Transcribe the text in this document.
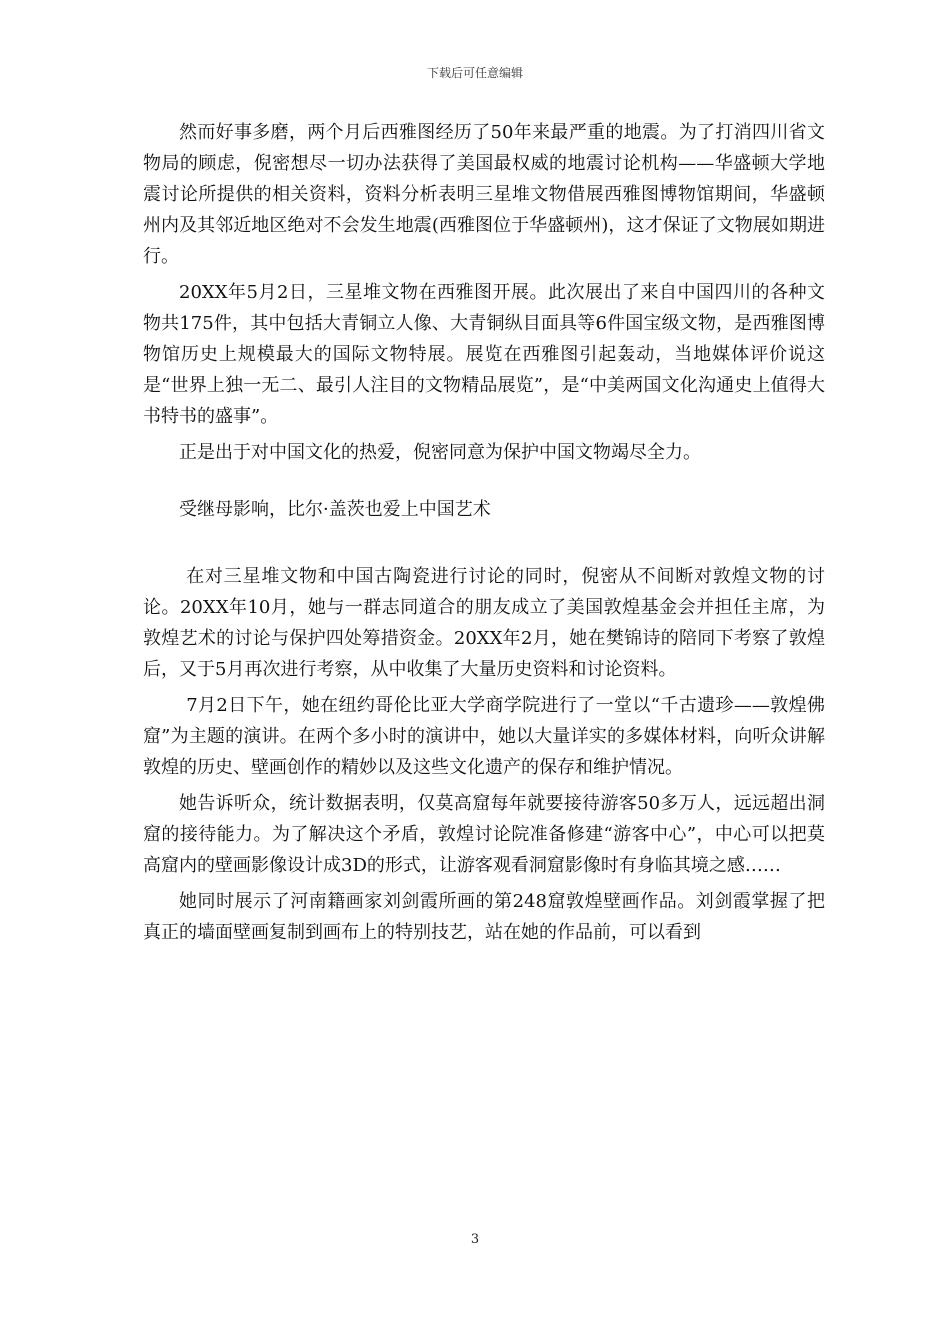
下载后可任意编辑

然而好事多磨，两个月后西雅图经历了50年来最严重的地震。为了打消四川省文物局的顾虑，倪密想尽一切办法获得了美国最权威的地震讨论机构——华盛顿大学地震讨论所提供的相关资料，资料分析表明三星堆文物借展西雅图博物馆期间，华盛顿州内及其邻近地区绝对不会发生地震(西雅图位于华盛顿州)，这才保证了文物展如期进行。

20XX年5月2日，三星堆文物在西雅图开展。此次展出了来自中国四川的各种文物共175件，其中包括大青铜立人像、大青铜纵目面具等6件国宝级文物，是西雅图博物馆历史上规模最大的国际文物特展。展览在西雅图引起轰动，当地媒体评价说这是“世界上独一无二、最引人注目的文物精品展览”，是“中美两国文化沟通史上值得大书特书的盛事”。

正是出于对中国文化的热爱，倪密同意为保护中国文物竭尽全力。

受继母影响，比尔·盖茨也爱上中国艺术

在对三星堆文物和中国古陶瓷进行讨论的同时，倪密从不间断对敦煌文物的讨论。20XX年10月，她与一群志同道合的朋友成立了美国敦煌基金会并担任主席，为敦煌艺术的讨论与保护四处筹措资金。20XX年2月，她在樊锦诗的陪同下考察了敦煌后，又于5月再次进行考察，从中收集了大量历史资料和讨论资料。

7月2日下午，她在纽约哥伦比亚大学商学院进行了一堂以“千古遗珍——敦煌佛窟”为主题的演讲。在两个多小时的演讲中，她以大量详实的多媒体材料，向听众讲解敦煌的历史、壁画创作的精妙以及这些文化遗产的保存和维护情况。

她告诉听众，统计数据表明，仅莫高窟每年就要接待游客50多万人，远远超出洞窟的接待能力。为了解决这个矛盾，敦煌讨论院准备修建“游客中心”，中心可以把莫高窟内的壁画影像设计成3D的形式，让游客观看洞窟影像时有身临其境之感……

她同时展示了河南籍画家刘剑霞所画的第248窟敦煌壁画作品。刘剑霞掌握了把真正的墙面壁画复制到画布上的特别技艺，站在她的作品前，可以看到

3
